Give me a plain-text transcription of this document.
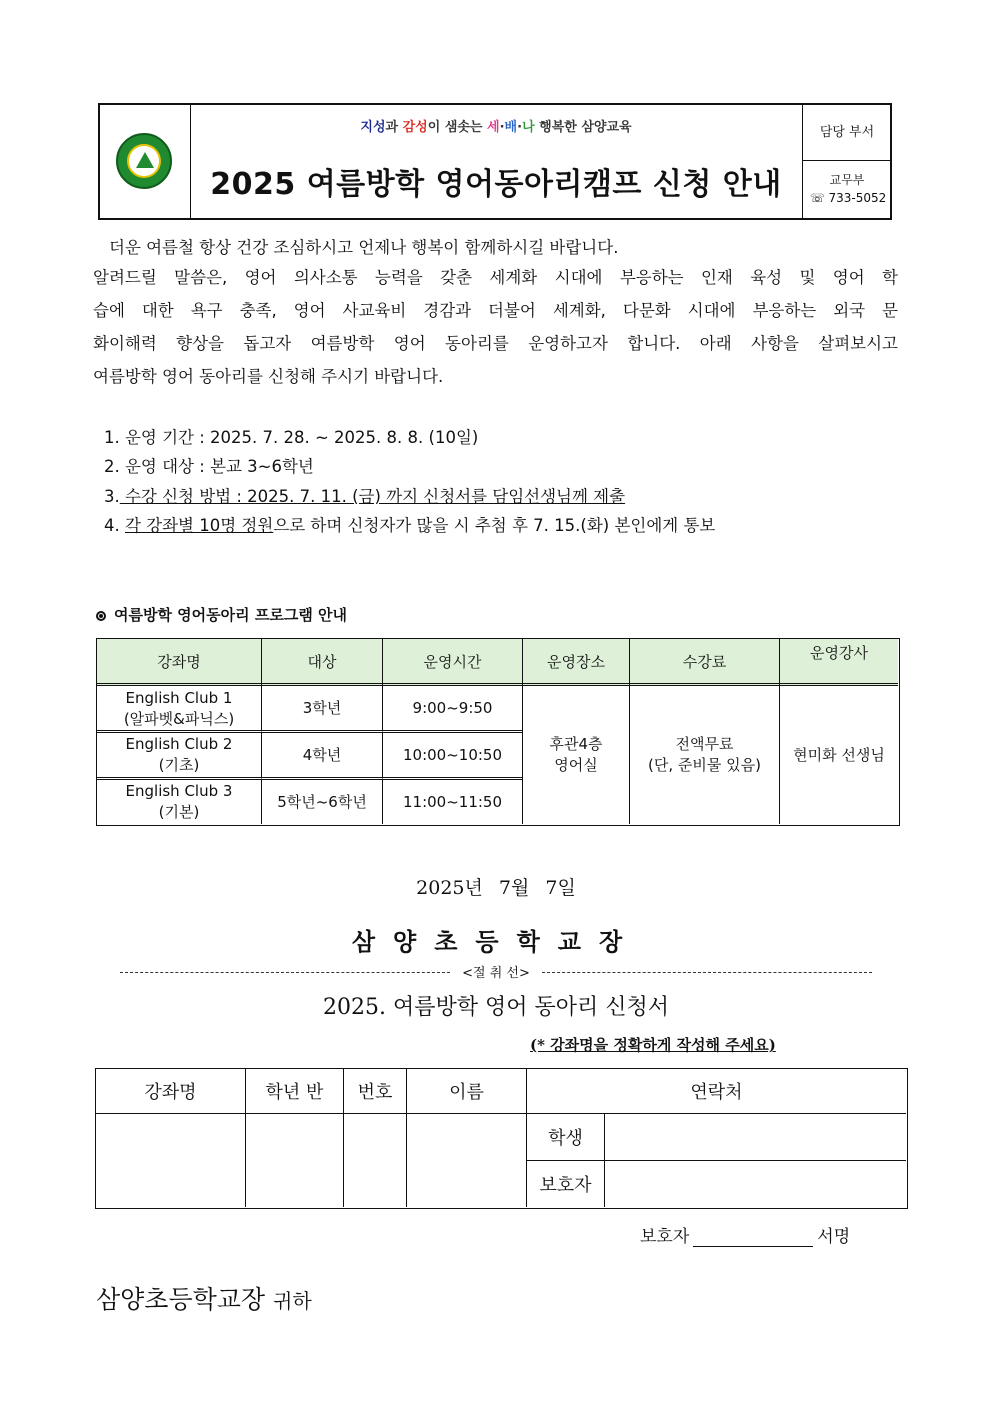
지성과 감성이 샘솟는 세·배·나 행복한 삼양교육
2025 여름방학 영어동아리캠프 신청 안내
담당 부서
교무부
☏ 733-5052
더운 여름철 항상 건강 조심하시고 언제나 행복이 함께하시길 바랍니다.
알려드릴 말씀은, 영어 의사소통 능력을 갖춘 세계화 시대에 부응하는 인재 육성 및 영어 학
습에 대한 욕구 충족, 영어 사교육비 경감과 더불어 세계화, 다문화 시대에 부응하는 외국 문
화이해력 향상을 돕고자 여름방학 영어 동아리를 운영하고자 합니다. 아래 사항을 살펴보시고
여름방학 영어 동아리를 신청해 주시기 바랍니다.
1. 운영 기간 : 2025. 7. 28. ~ 2025. 8. 8. (10일)
2. 운영 대상 : 본교 3~6학년
3. 수강 신청 방법 : 2025. 7. 11. (금) 까지 신청서를 담임선생님께 제출
4. 각 강좌별 10명 정원으로 하며 신청자가 많을 시 추첨 후 7. 15.(화) 본인에게 통보
여름방학 영어동아리 프로그램 안내
강좌명	대상	운영시간	운영장소	수강료	운영강사
English Club 1
(알파벳&파닉스)
3학년	9:00~9:50
English Club 2
(기초)
4학년	10:00~10:50
English Club 3
(기본)
5학년~6학년	11:00~11:50
후관4층
영어실
전액무료
(단, 준비물 있음)
현미화 선생님
2025년 7월 7일
삼양초등학교장
<절 취 선>
2025. 여름방학 영어 동아리 신청서
(* 강좌명을 정확하게 작성해 주세요)
강좌명	학년 반	번호	이름	연락처
학생
보호자
보호자	서명
삼양초등학교장 귀하
